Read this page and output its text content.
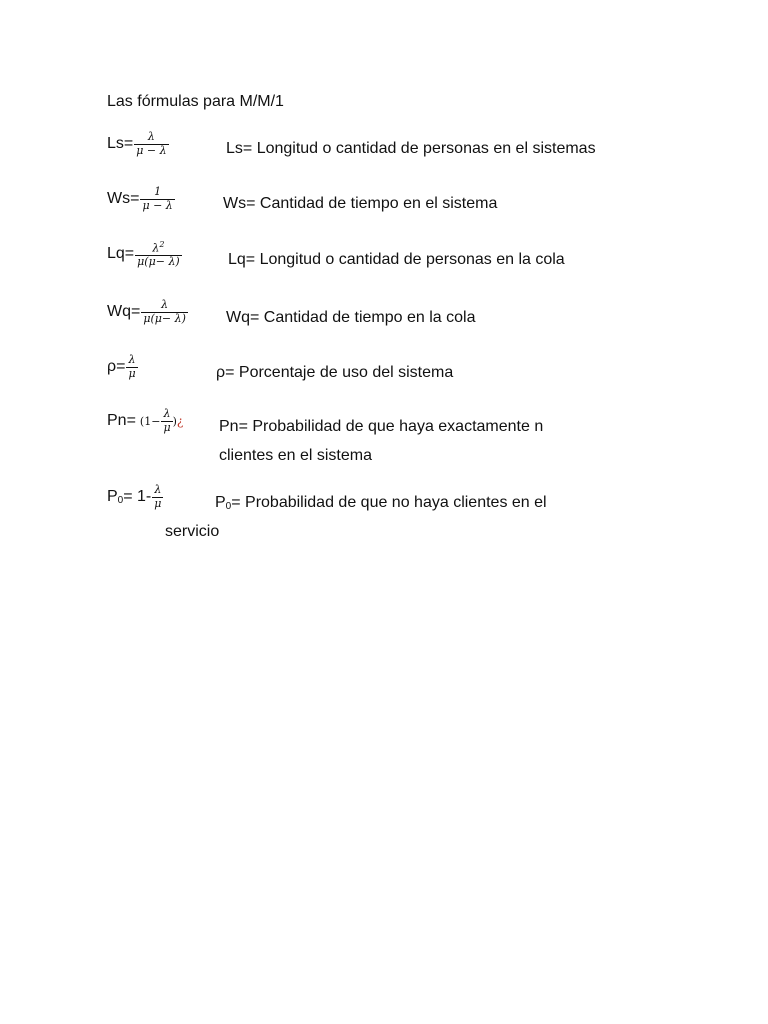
Las fórmulas para M/M/1
$Ls= \frac{\lambda}{\mu - \lambda}$	Ls= Longitud o cantidad de personas en el sistemas
$Ws= \frac{1}{\mu - \lambda}$	Ws= Cantidad de tiempo en el sistema
$Lq= \frac{\lambda^2}{\mu(\mu- \lambda)}$	Lq= Longitud o cantidad de personas en la cola
$Wq= \frac{\lambda}{\mu(\mu- \lambda)} Wq=$ Cantidad de tiempo en la cola
$\rho= \frac{\lambda}{\mu}$	ρ= Porcentaje de uso del sistema
$Pn= (1- \frac{\lambda}{\mu}$ ) ¿ Pn= Probabilidad de que haya exactamente n
clientes en el sistema
$P_0= 1- \frac{\lambda}{\mu}$	$P_0=$ Probabilidad de que no haya clientes en el
servicio
